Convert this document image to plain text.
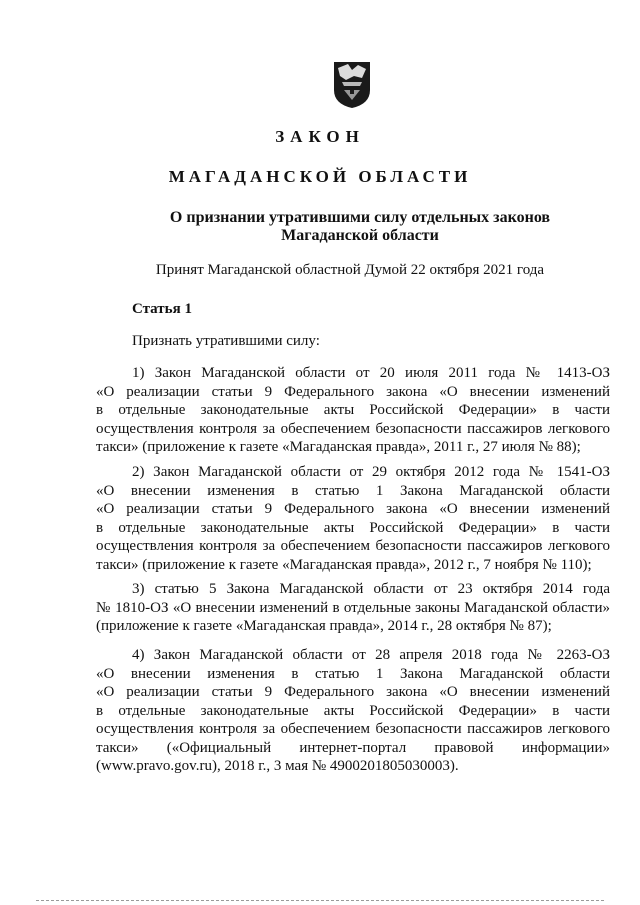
ЗАКОН
МАГАДАНСКОЙ ОБЛАСТИ
О признании утратившими силу отдельных законов
Магаданской области
Принят Магаданской областной Думой 22 октября 2021 года
Статья 1
Признать утратившими силу:
1) Закон Магаданской области от 20 июля 2011 года № 1413-ОЗ
«О реализации статьи 9 Федерального закона «О внесении изменений
в отдельные законодательные акты Российской Федерации» в части
осуществления контроля за обеспечением безопасности пассажиров легкового
такси» (приложение к газете «Магаданская правда», 2011 г., 27 июля № 88);
2) Закон Магаданской области от 29 октября 2012 года № 1541-ОЗ
«О внесении изменения в статью 1 Закона Магаданской области
«О реализации статьи 9 Федерального закона «О внесении изменений
в отдельные законодательные акты Российской Федерации» в части
осуществления контроля за обеспечением безопасности пассажиров легкового
такси» (приложение к газете «Магаданская правда», 2012 г., 7 ноября № 110);
3) статью 5 Закона Магаданской области от 23 октября 2014 года
№ 1810-ОЗ «О внесении изменений в отдельные законы Магаданской области»
(приложение к газете «Магаданская правда», 2014 г., 28 октября № 87);
4) Закон Магаданской области от 28 апреля 2018 года № 2263-ОЗ
«О внесении изменения в статью 1 Закона Магаданской области
«О реализации статьи 9 Федерального закона «О внесении изменений
в отдельные законодательные акты Российской Федерации» в части
осуществления контроля за обеспечением безопасности пассажиров легкового
такси» («Официальный интернет-портал правовой информации»
(www.pravo.gov.ru), 2018 г., 3 мая № 4900201805030003).
